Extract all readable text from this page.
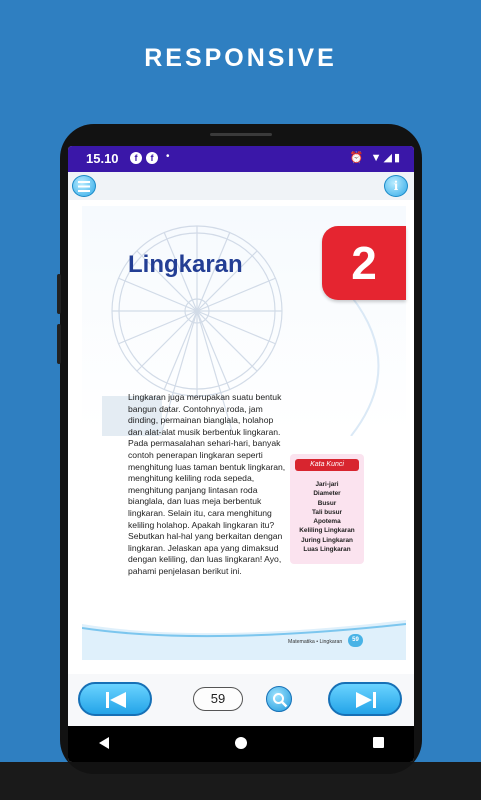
RESPONSIVE
15.10	f	f	•	⏰ ▼◢▮
i
Lingkaran	2
Lingkaran juga merupakan suatu bentuk bangun datar. Contohnya roda, jam dinding, permainan bianglala, holahop dan alat-alat musik berbentuk lingkaran. Pada permasalahan sehari-hari, banyak contoh penerapan lingkaran seperti menghitung luas taman bentuk lingkaran, menghitung keliling roda sepeda, menghitung panjang lintasan roda bianglala, dan luas meja berbentuk lingkaran. Selain itu, cara menghitung keliling holahop. Apakah lingkaran itu? Sebutkan hal-hal yang berkaitan dengan lingkaran. Jelaskan apa yang dimaksud dengan keliling, dan luas lingkaran! Ayo, pahami penjelasan berikut ini.
Kata Kunci
Jari-jari
Diameter
Busur
Tali busur
Apotema
Keliling Lingkaran
Juring Lingkaran
Luas Lingkaran
Matematika • Lingkaran	59
59
